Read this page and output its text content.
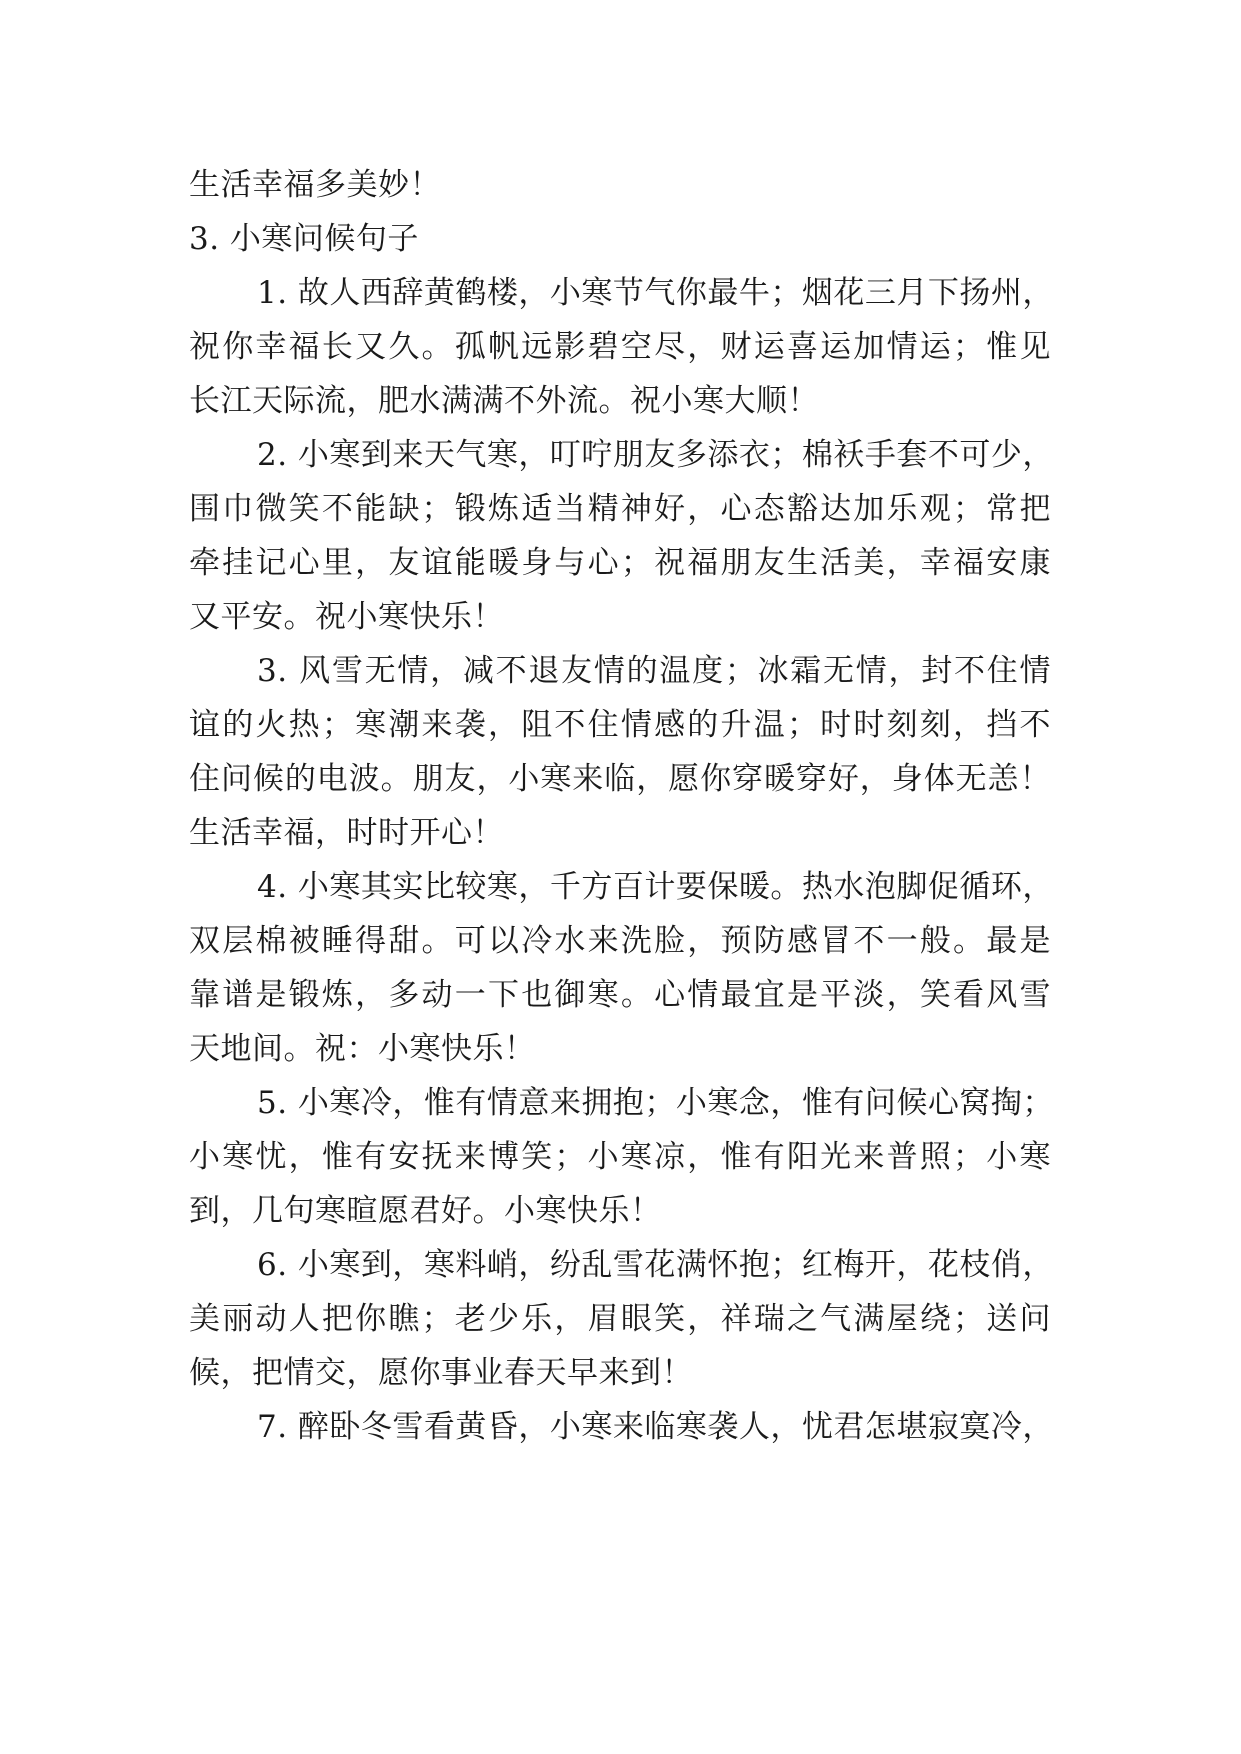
生活幸福多美妙！
3. 小寒问候句子
1. 故人西辞黄鹤楼，小寒节气你最牛；烟花三月下扬州，
祝你幸福长又久。孤帆远影碧空尽，财运喜运加情运；惟见
长江天际流，肥水满满不外流。祝小寒大顺！
2. 小寒到来天气寒，叮咛朋友多添衣；棉袄手套不可少，
围巾微笑不能缺；锻炼适当精神好，心态豁达加乐观；常把
牵挂记心里，友谊能暖身与心；祝福朋友生活美，幸福安康
又平安。祝小寒快乐！
3. 风雪无情，减不退友情的温度；冰霜无情，封不住情
谊的火热；寒潮来袭，阻不住情感的升温；时时刻刻，挡不
住问候的电波。朋友，小寒来临，愿你穿暖穿好，身体无恙！
生活幸福，时时开心！
4. 小寒其实比较寒，千方百计要保暖。热水泡脚促循环，
双层棉被睡得甜。可以冷水来洗脸，预防感冒不一般。最是
靠谱是锻炼，多动一下也御寒。心情最宜是平淡，笑看风雪
天地间。祝：小寒快乐！
5. 小寒冷，惟有情意来拥抱；小寒念，惟有问候心窝掏；
小寒忧，惟有安抚来博笑；小寒凉，惟有阳光来普照；小寒
到，几句寒暄愿君好。小寒快乐！
6. 小寒到，寒料峭，纷乱雪花满怀抱；红梅开，花枝俏，
美丽动人把你瞧；老少乐，眉眼笑，祥瑞之气满屋绕；送问
候，把情交，愿你事业春天早来到！
7. 醉卧冬雪看黄昏，小寒来临寒袭人，忧君怎堪寂寞冷，
